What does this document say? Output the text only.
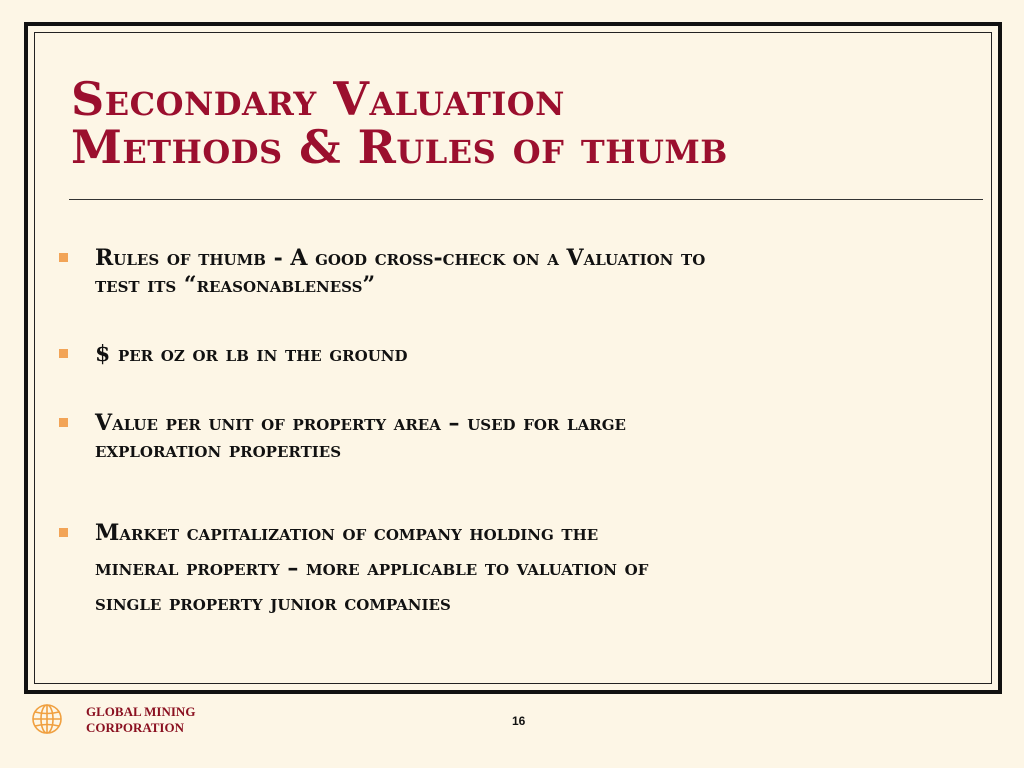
Secondary Valuation
Methods & Rules of thumb
Rules of thumb - A good cross-check on a Valuation to
test its “reasonableness”
$ per oz or lb in the ground
Value per unit of property area – used for large
exploration properties
Market capitalization of company holding the
mineral property – more applicable to valuation of
single property junior companies
GLOBAL MINING
CORPORATION	16
